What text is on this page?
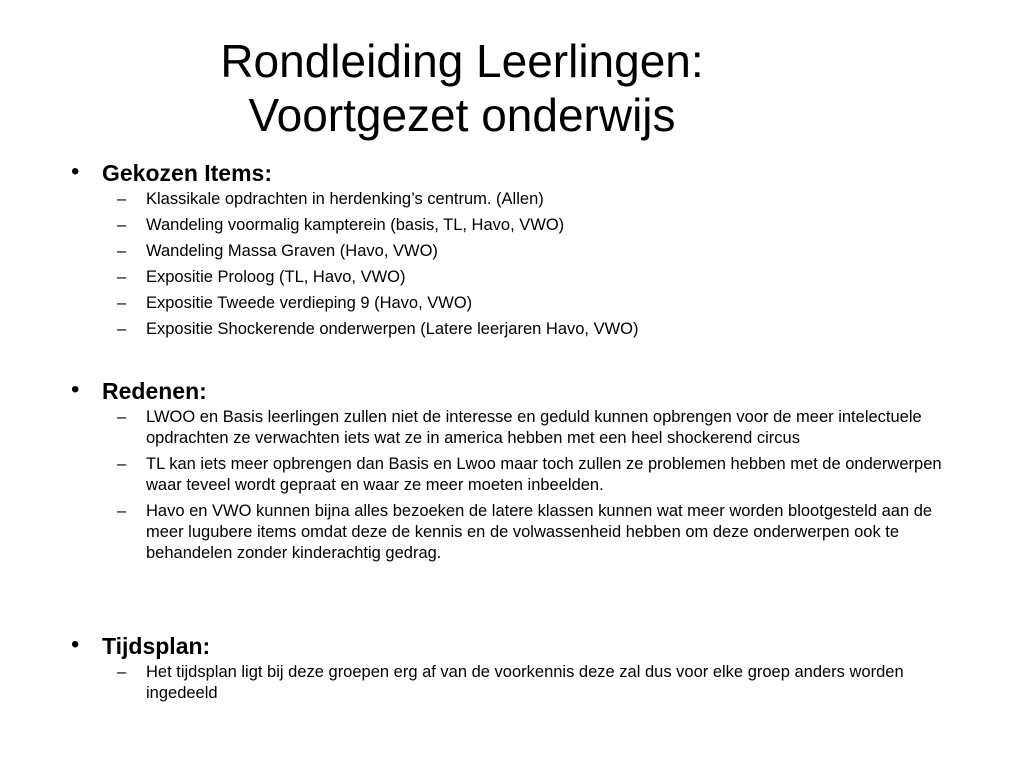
Rondleiding Leerlingen:
Voortgezet onderwijs
• Gekozen Items:
– Klassikale opdrachten in herdenking’s centrum. (Allen)
– Wandeling voormalig kampterein (basis, TL, Havo, VWO)
– Wandeling Massa Graven (Havo, VWO)
– Expositie Proloog (TL, Havo, VWO)
– Expositie Tweede verdieping 9 (Havo, VWO)
– Expositie Shockerende onderwerpen (Latere leerjaren Havo, VWO)
• Redenen:
– LWOO en Basis leerlingen zullen niet de interesse en geduld kunnen opbrengen voor de meer intelectuele opdrachten ze verwachten iets wat ze in america hebben met een heel shockerend circus
– TL kan iets meer opbrengen dan Basis en Lwoo maar toch zullen ze problemen hebben met de onderwerpen waar teveel wordt gepraat en waar ze meer moeten inbeelden.
– Havo en VWO kunnen bijna alles bezoeken de latere klassen kunnen wat meer worden blootgesteld aan de meer lugubere items omdat deze de kennis en de volwassenheid hebben om deze onderwerpen ook te behandelen zonder kinderachtig gedrag.
• Tijdsplan:
– Het tijdsplan ligt bij deze groepen erg af van de voorkennis deze zal dus voor elke groep anders worden ingedeeld
